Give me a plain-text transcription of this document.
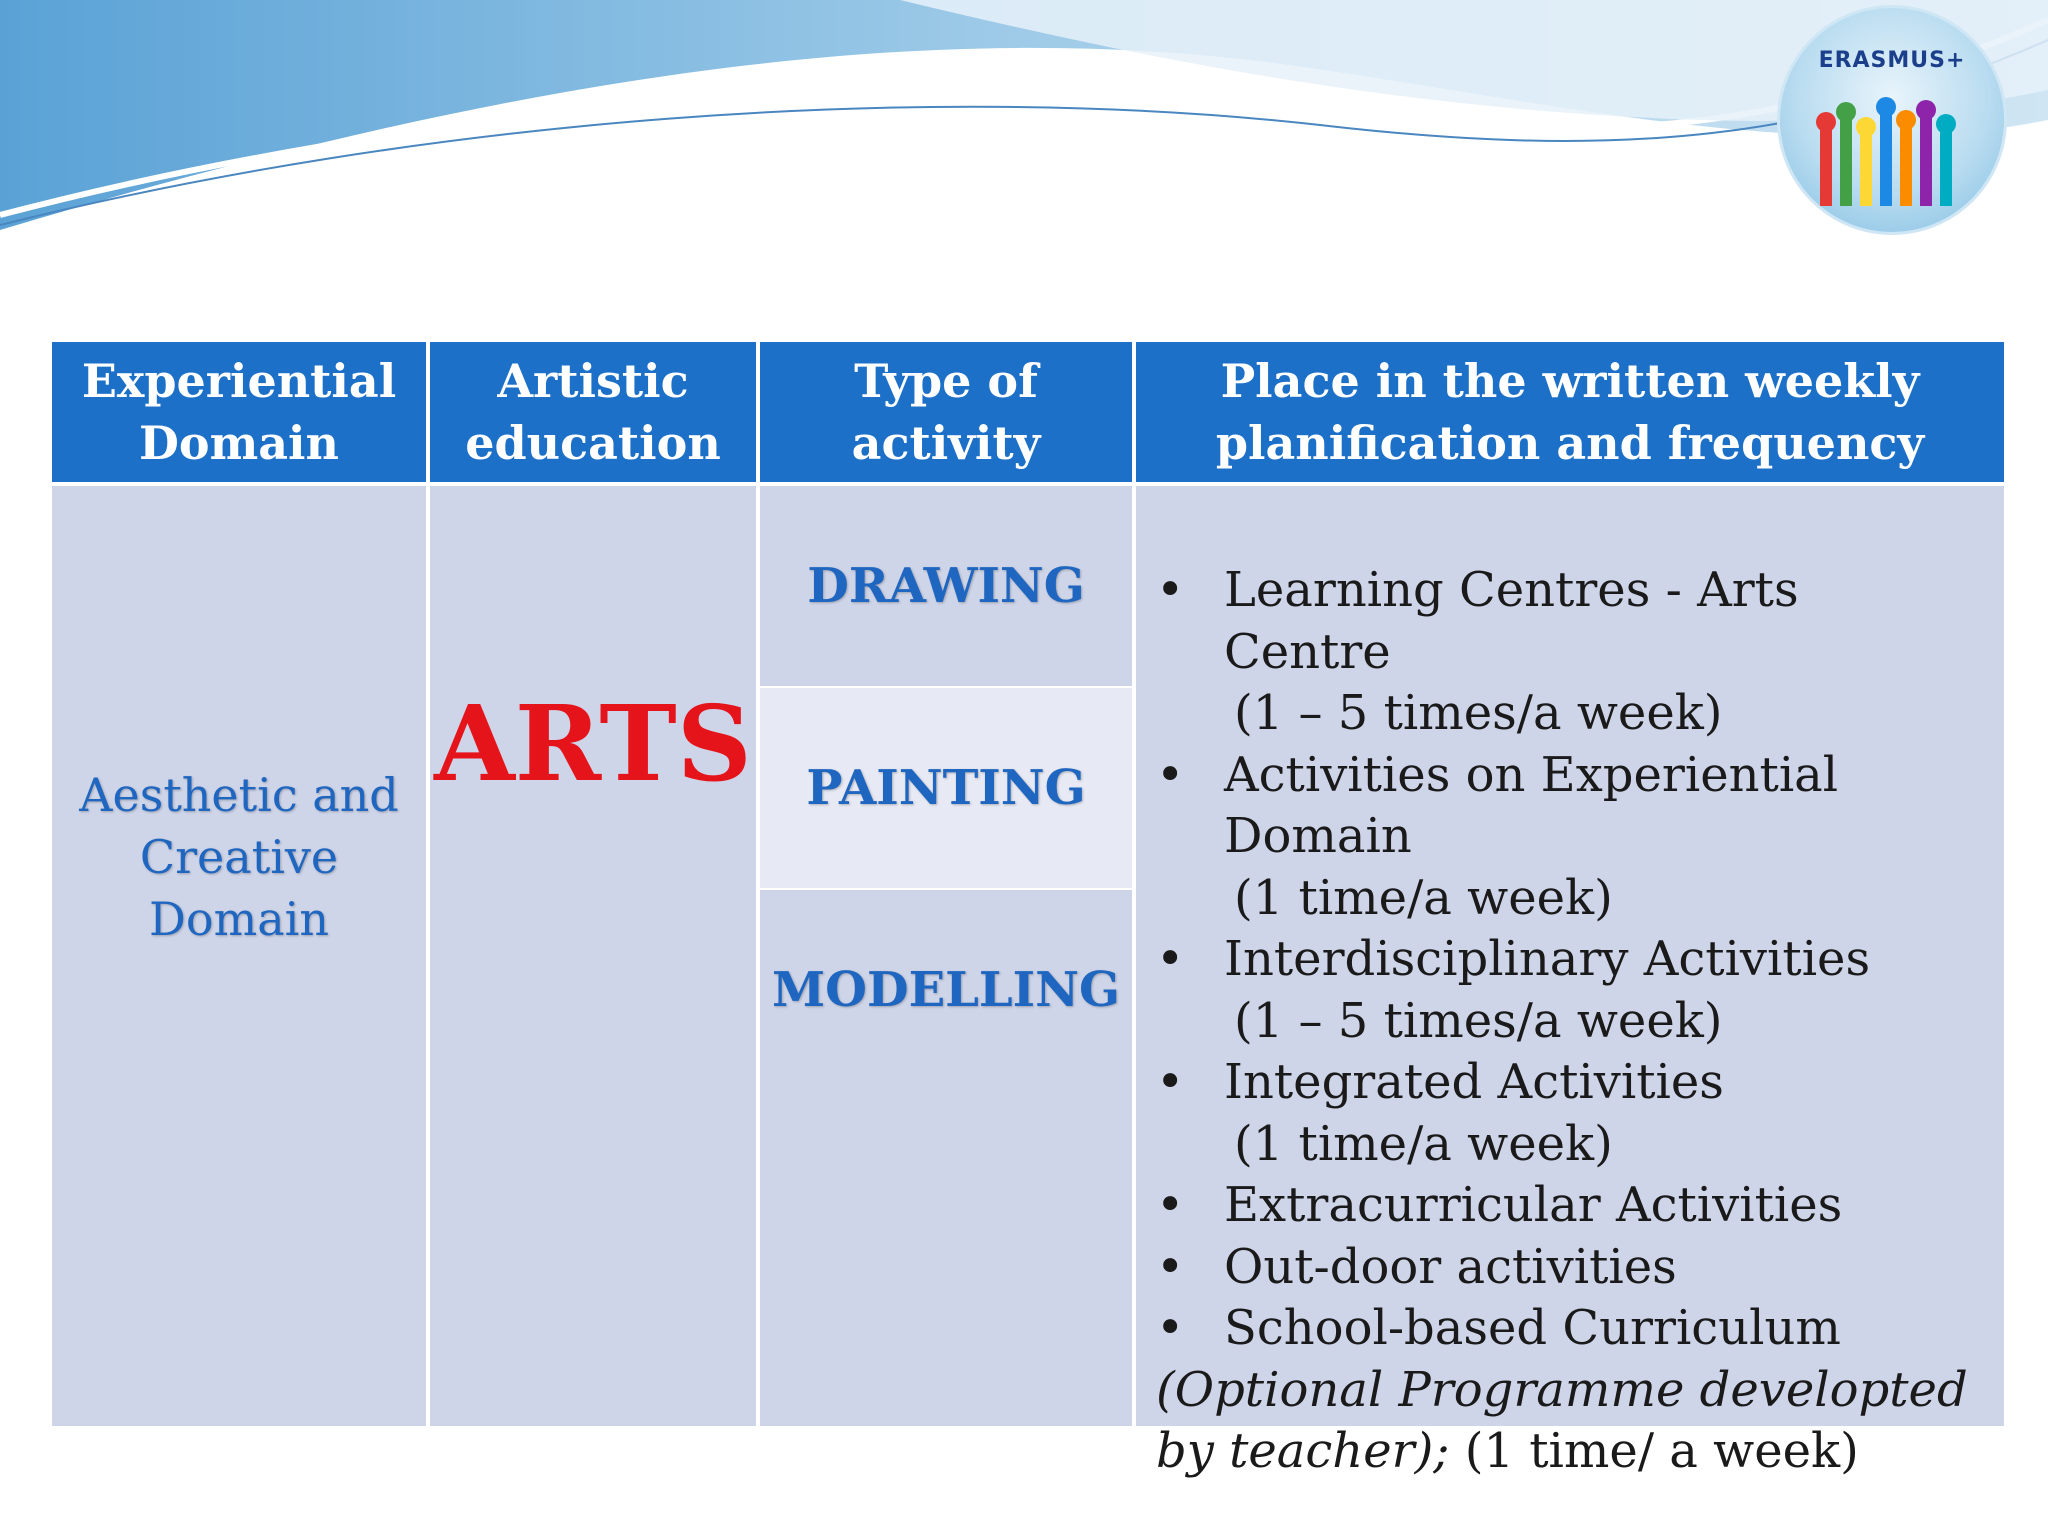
ERASMUS+
Experiential
Domain
Artistic
education
Type of
activity
Place in the written weekly
planification and frequency
Aesthetic and
Creative
Domain
ARTS
DRAWING
PAINTING
MODELLING
• Learning Centres - Arts Centre
(1 – 5 times/a week)
• Activities on Experiential Domain
(1 time/a week)
• Interdisciplinary Activities
(1 – 5 times/a week)
• Integrated Activities
(1 time/a week)
• Extracurricular Activities
• Out-door activities
• School-based Curriculum
(Optional Programme developted by teacher); (1 time/ a week)
